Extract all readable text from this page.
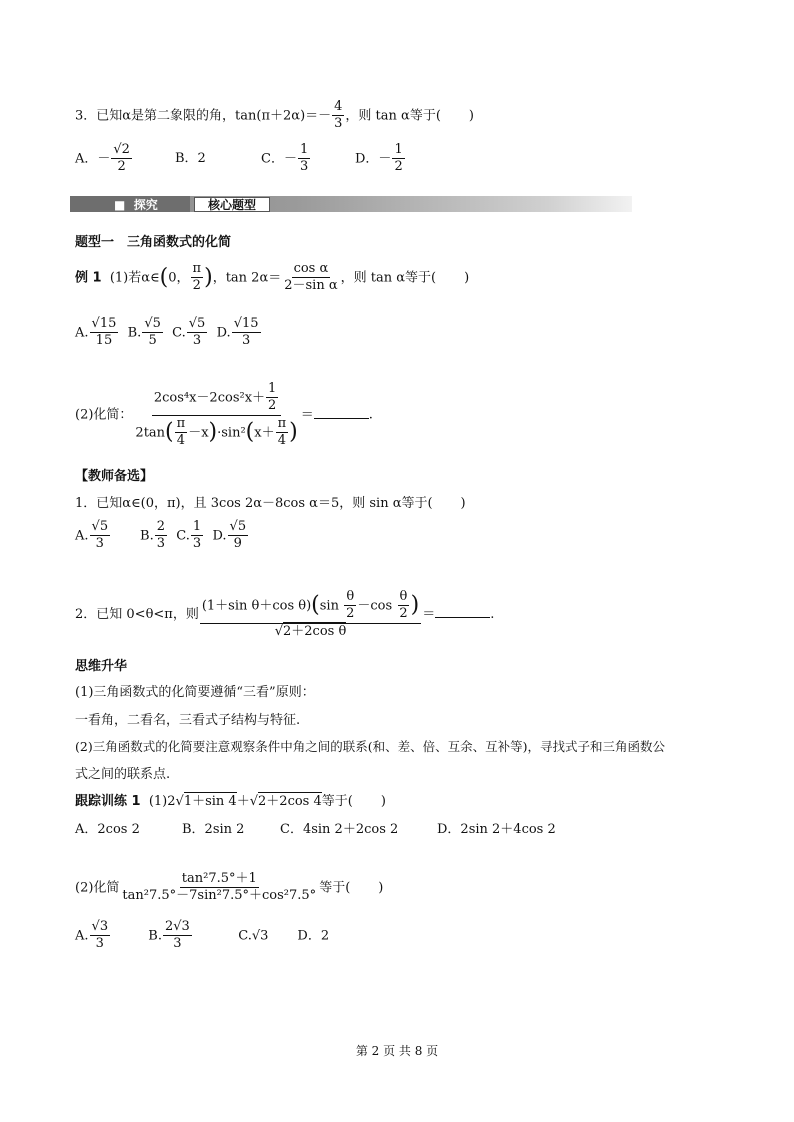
3．已知α是第二象限的角，$\tan(\pi+2\alpha)=- \frac{4}{3}$ ，则 tan α等于( )
A．－ $\frac{√2}{2}$	B．2	C．－ $\frac{1}{3}$	D．－ $\frac{1}{2}$
■  探究	核心题型
题型一　三角函数式的化简
例 1 (1)若α∈(0， $\frac{\pi}{2}$ )，$\tan 2\alpha= \frac{\text{cos α}}{\text{2－sin α}}$ ，则 tan α等于( )
A. $\frac{√15}{15} B$. $\frac{√5}{5} C$. $\frac{√5}{3} D$. $\frac{√15}{3}$
(2)化简： $\frac{2\cos^4x-2\cos^2x+ \frac{1}{2}}{2\tan( \frac{\pi}{4} -x)\cdot\sin^2(x+ \frac{\pi}{4} )}$ ＝	.
【教师备选】
1．已知α∈(0，π)，且 3cos 2α－8cos α＝5，则 sin α等于( )
A. $\frac{√5}{3} B$. $\frac{2}{3} C$. $\frac{1}{3} D$. $\frac{√5}{9}$
2．已知 0<θ<π，则 $\frac{(1+\sin \theta+\cos \theta)(\sin \frac{\theta}{2} -\cos \frac{\theta}{2} )}{\text{√2＋2cos θ}}$ ＝	.
思维升华
(1)三角函数式的化简要遵循“三看”原则：
一看角，二看名，三看式子结构与特征.
(2)三角函数式的化简要注意观察条件中角之间的联系(和、差、倍、互余、互补等)，寻找式子和三角函数公
式之间的联系点.
跟踪训练 1 (1)2√1＋sin 4＋√2＋2cos 4等于( )
A．2cos 2	B．2sin 2	C．4sin 2＋2cos 2	D．2sin 2＋4cos 2
(2)化简 $\frac{\text{tan²7.5°＋1}}{\text{tan²7.5°－7sin²7.5°＋cos²7.5°}}$ 等于( )
A. $\frac{√3}{3}$	B. $\frac{2√3}{3}$	C.√3 D．2
第 2 页 共 8 页
